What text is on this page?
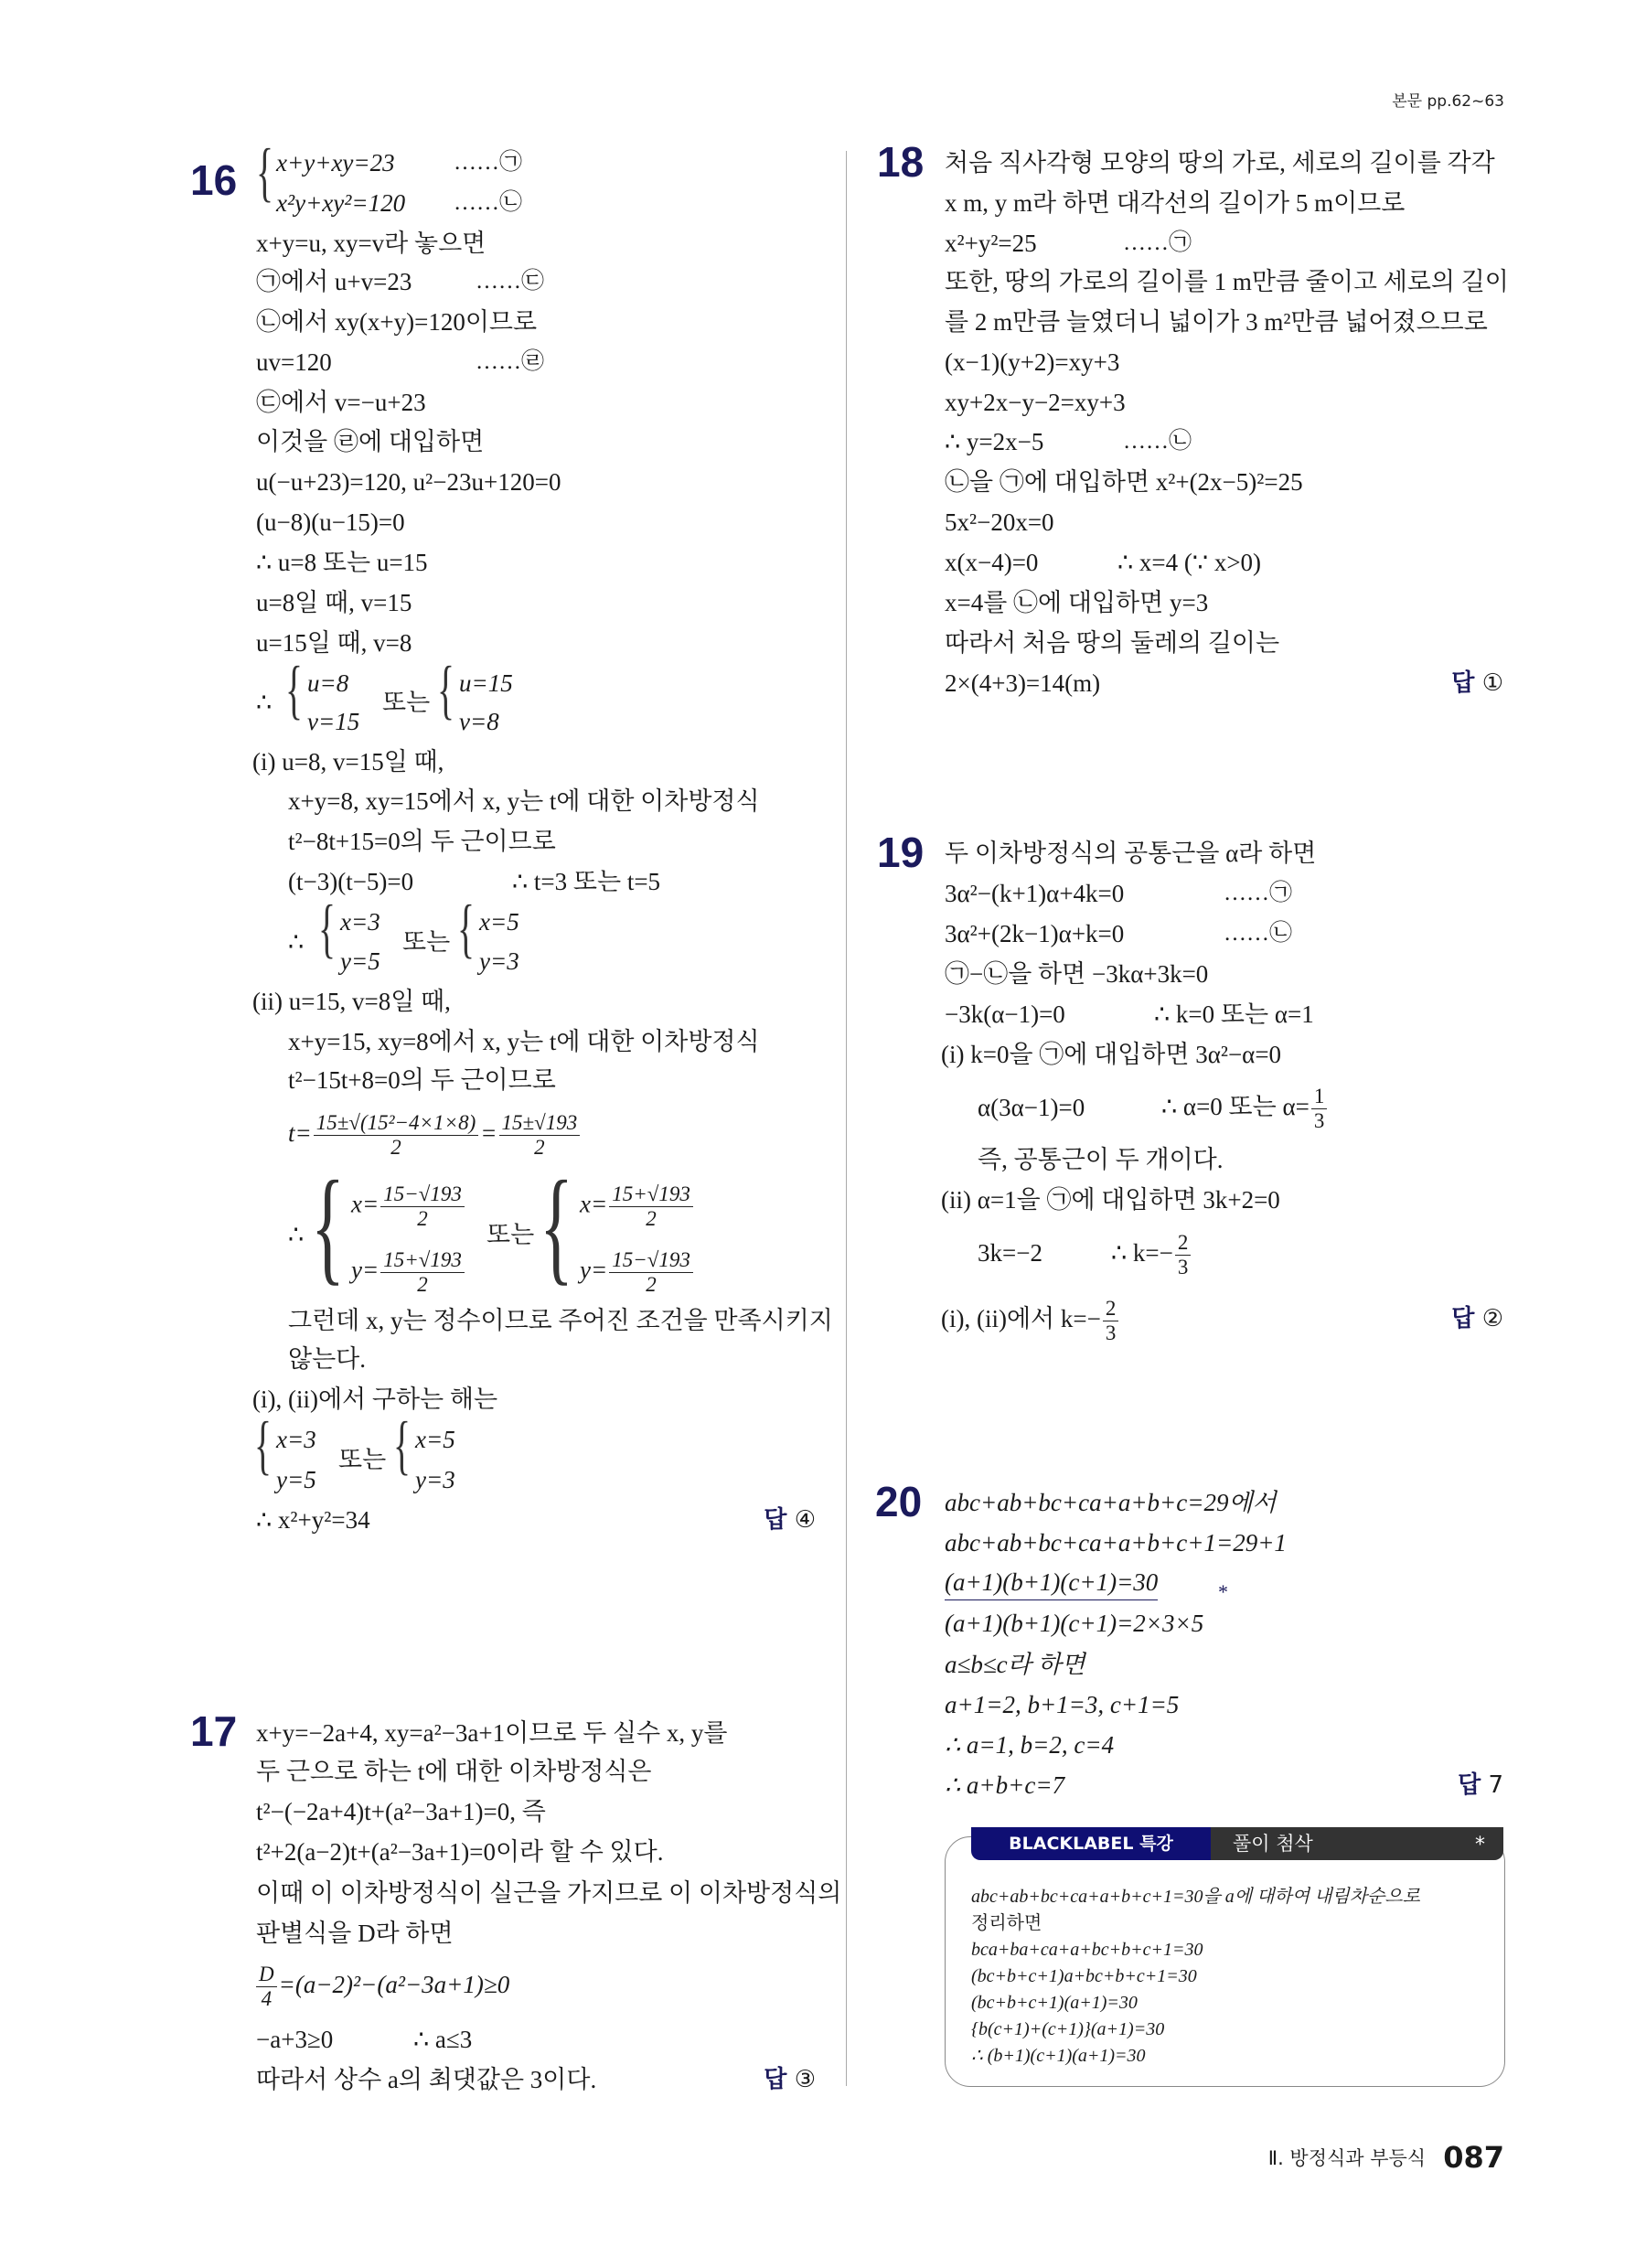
본문 pp.62~63
16 { x+y+xy=23
x²y+xy²=120
……㉠
……㉡
x+y=u, xy=v라 놓으면
㉠에서 u+v=23	……㉢
㉡에서 xy(x+y)=120이므로
uv=120	……㉣
㉢에서 v=−u+23
이것을 ㉣에 대입하면
u(−u+23)=120, u²−23u+120=0
(u−8)(u−15)=0
∴ u=8 또는 u=15
u=8일 때, v=15
u=15일 때, v=8
∴ { u=8
v=15
또는 { u=15
v=8
(i) u=8, v=15일 때,
x+y=8, xy=15에서 x, y는 t에 대한 이차방정식
t²−8t+15=0의 두 근이므로
(t−3)(t−5)=0	∴ t=3 또는 t=5
∴ { x=3
y=5
또는 { x=5
y=3
(ii) u=15, v=8일 때,
x+y=15, xy=8에서 x, y는 t에 대한 이차방정식
t²−15t+8=0의 두 근이므로
$t= \frac{\text{15±√(15²−4×1×8)}}{2} = \frac{15\pm√193}{2}$
∴ { $x= \frac{15-√193}{2}$
$y= \frac{15+√193}{2}$
또는 { $x= \frac{15+√193}{2}$
$y= \frac{15-√193}{2}$
그런데 x, y는 정수이므로 주어진 조건을 만족시키지
않는다.
(i), (ii)에서 구하는 해는
{ x=3
y=5
또는 { x=5
y=3
∴ x²+y²=34	답 ④
17 x+y=−2a+4, xy=a²−3a+1이므로 두 실수 x, y를
두 근으로 하는 t에 대한 이차방정식은
t²−(−2a+4)t+(a²−3a+1)=0, 즉
t²+2(a−2)t+(a²−3a+1)=0이라 할 수 있다.
이때 이 이차방정식이 실근을 가지므로 이 이차방정식의
판별식을 D라 하면
$\frac{D}{4} =(a-2)^2-(a^2-3a+1)\ge 0$
−a+3≥0	∴ a≤3
따라서 상수 a의 최댓값은 3이다.	답 ③
18 처음 직사각형 모양의 땅의 가로, 세로의 길이를 각각
x m, y m라 하면 대각선의 길이가 5 m이므로
x²+y²=25	……㉠
또한, 땅의 가로의 길이를 1 m만큼 줄이고 세로의 길이
를 2 m만큼 늘였더니 넓이가 3 m²만큼 넓어졌으므로
(x−1)(y+2)=xy+3
xy+2x−y−2=xy+3
∴ y=2x−5	……㉡
㉡을 ㉠에 대입하면 x²+(2x−5)²=25
5x²−20x=0
x(x−4)=0	∴ x=4 (∵ x>0)
x=4를 ㉡에 대입하면 y=3
따라서 처음 땅의 둘레의 길이는
2×(4+3)=14(m)	답 ①
19 두 이차방정식의 공통근을 α라 하면
3α²−(k+1)α+4k=0	……㉠
3α²+(2k−1)α+k=0	……㉡
㉠−㉡을 하면 −3kα+3k=0
−3k(α−1)=0	∴ k=0 또는 α=1
(i) k=0을 ㉠에 대입하면 3α²−α=0
α(3α−1)=0	∴ α=0 또는 $\alpha= \frac{1}{3}$
즉, 공통근이 두 개이다.
(ii) α=1을 ㉠에 대입하면 3k+2=0
3k=−2	∴ $k=- \frac{2}{3}$
(i), (ii)에서 $k=- \frac{2}{3}$	답 ②
20 abc+ab+bc+ca+a+b+c=29에서
abc+ab+bc+ca+a+b+c+1=29+1
(a+1)(b+1)(c+1)=30	*
(a+1)(b+1)(c+1)=2×3×5
a≤b≤c라 하면
a+1=2, b+1=3, c+1=5
∴ a=1, b=2, c=4
∴ a+b+c=7	답 7
BLACKLABEL 특강	풀이 첨삭	*
abc+ab+bc+ca+a+b+c+1=30을 a에 대하여 내림차순으로
정리하면
bca+ba+ca+a+bc+b+c+1=30
(bc+b+c+1)a+bc+b+c+1=30
(bc+b+c+1)(a+1)=30
{b(c+1)+(c+1)}(a+1)=30
∴ (b+1)(c+1)(a+1)=30
Ⅱ. 방정식과 부등식 087
